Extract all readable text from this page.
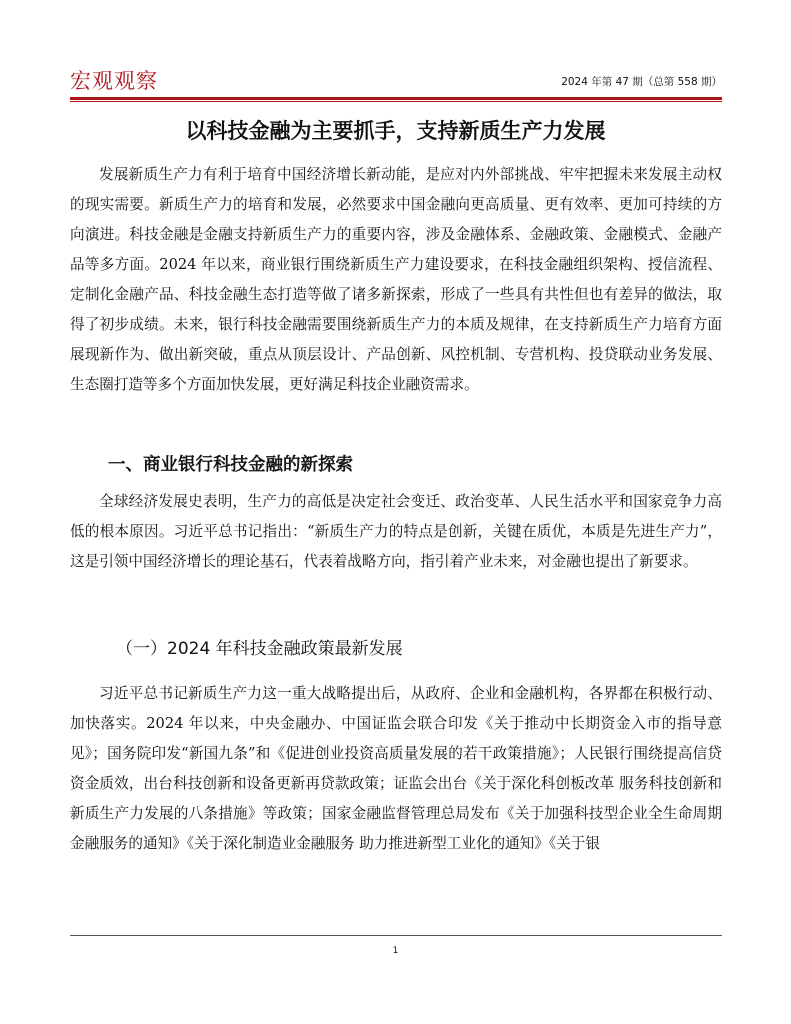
宏观观察	2024 年第 47 期（总第 558 期）
以科技金融为主要抓手，支持新质生产力发展

发展新质生产力有利于培育中国经济增长新动能，是应对内外部挑战、牢牢把握未来发展主动权的现实需要。新质生产力的培育和发展，必然要求中国金融向更高质量、更有效率、更加可持续的方向演进。科技金融是金融支持新质生产力的重要内容，涉及金融体系、金融政策、金融模式、金融产品等多方面。2024 年以来，商业银行围绕新质生产力建设要求，在科技金融组织架构、授信流程、定制化金融产品、科技金融生态打造等做了诸多新探索，形成了一些具有共性但也有差异的做法，取得了初步成绩。未来，银行科技金融需要围绕新质生产力的本质及规律，在支持新质生产力培育方面展现新作为、做出新突破，重点从顶层设计、产品创新、风控机制、专营机构、投贷联动业务发展、生态圈打造等多个方面加快发展，更好满足科技企业融资需求。

一、商业银行科技金融的新探索

全球经济发展史表明，生产力的高低是决定社会变迁、政治变革、人民生活水平和国家竞争力高低的根本原因。习近平总书记指出：“新质生产力的特点是创新，关键在质优，本质是先进生产力”，这是引领中国经济增长的理论基石，代表着战略方向，指引着产业未来，对金融也提出了新要求。

（一）2024 年科技金融政策最新发展

习近平总书记新质生产力这一重大战略提出后，从政府、企业和金融机构，各界都在积极行动、加快落实。2024 年以来，中央金融办、中国证监会联合印发《关于推动中长期资金入市的指导意见》；国务院印发“新国九条”和《促进创业投资高质量发展的若干政策措施》；人民银行围绕提高信贷资金质效，出台科技创新和设备更新再贷款政策；证监会出台《关于深化科创板改革 服务科技创新和新质生产力发展的八条措施》等政策；国家金融监督管理总局发布《关于加强科技型企业全生命周期金融服务的通知》《关于深化制造业金融服务 助力推进新型工业化的通知》《关于银

1
